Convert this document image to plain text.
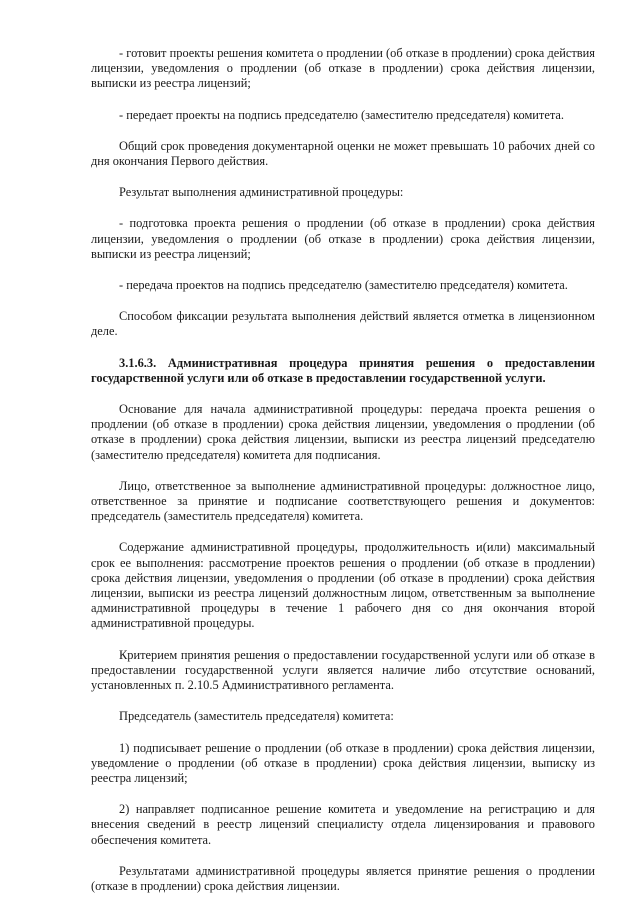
- готовит проекты решения комитета о продлении (об отказе в продлении) срока действия лицензии, уведомления о продлении (об отказе в продлении) срока действия лицензии, выписки из реестра лицензий;

- передает проекты на подпись председателю (заместителю председателя) комитета.

Общий срок проведения документарной оценки не может превышать 10 рабочих дней со дня окончания Первого действия.

Результат выполнения административной процедуры:

- подготовка проекта решения о продлении (об отказе в продлении) срока действия лицензии, уведомления о продлении (об отказе в продлении) срока действия лицензии, выписки из реестра лицензий;

- передача проектов на подпись председателю (заместителю председателя) комитета.

Способом фиксации результата выполнения действий является отметка в лицензионном деле.

3.1.6.3. Административная процедура принятия решения о предоставлении государственной услуги или об отказе в предоставлении государственной услуги.

Основание для начала административной процедуры: передача проекта решения о продлении (об отказе в продлении) срока действия лицензии, уведомления о продлении (об отказе в продлении) срока действия лицензии, выписки из реестра лицензий председателю (заместителю председателя) комитета для подписания.

Лицо, ответственное за выполнение административной процедуры: должностное лицо, ответственное за принятие и подписание соответствующего решения и документов: председатель (заместитель председателя) комитета.

Содержание административной процедуры, продолжительность и(или) максимальный срок ее выполнения: рассмотрение проектов решения о продлении (об отказе в продлении) срока действия лицензии, уведомления о продлении (об отказе в продлении) срока действия лицензии, выписки из реестра лицензий должностным лицом, ответственным за выполнение административной процедуры в течение 1 рабочего дня со дня окончания второй административной процедуры.

Критерием принятия решения о предоставлении государственной услуги или об отказе в предоставлении государственной услуги является наличие либо отсутствие оснований, установленных п. 2.10.5 Административного регламента.

Председатель (заместитель председателя) комитета:

1) подписывает решение о продлении (об отказе в продлении) срока действия лицензии, уведомление о продлении (об отказе в продлении) срока действия лицензии, выписку из реестра лицензий;

2) направляет подписанное решение комитета и уведомление на регистрацию и для внесения сведений в реестр лицензий специалисту отдела лицензирования и правового обеспечения комитета.

Результатами административной процедуры является принятие решения о продлении (отказе в продлении) срока действия лицензии.
